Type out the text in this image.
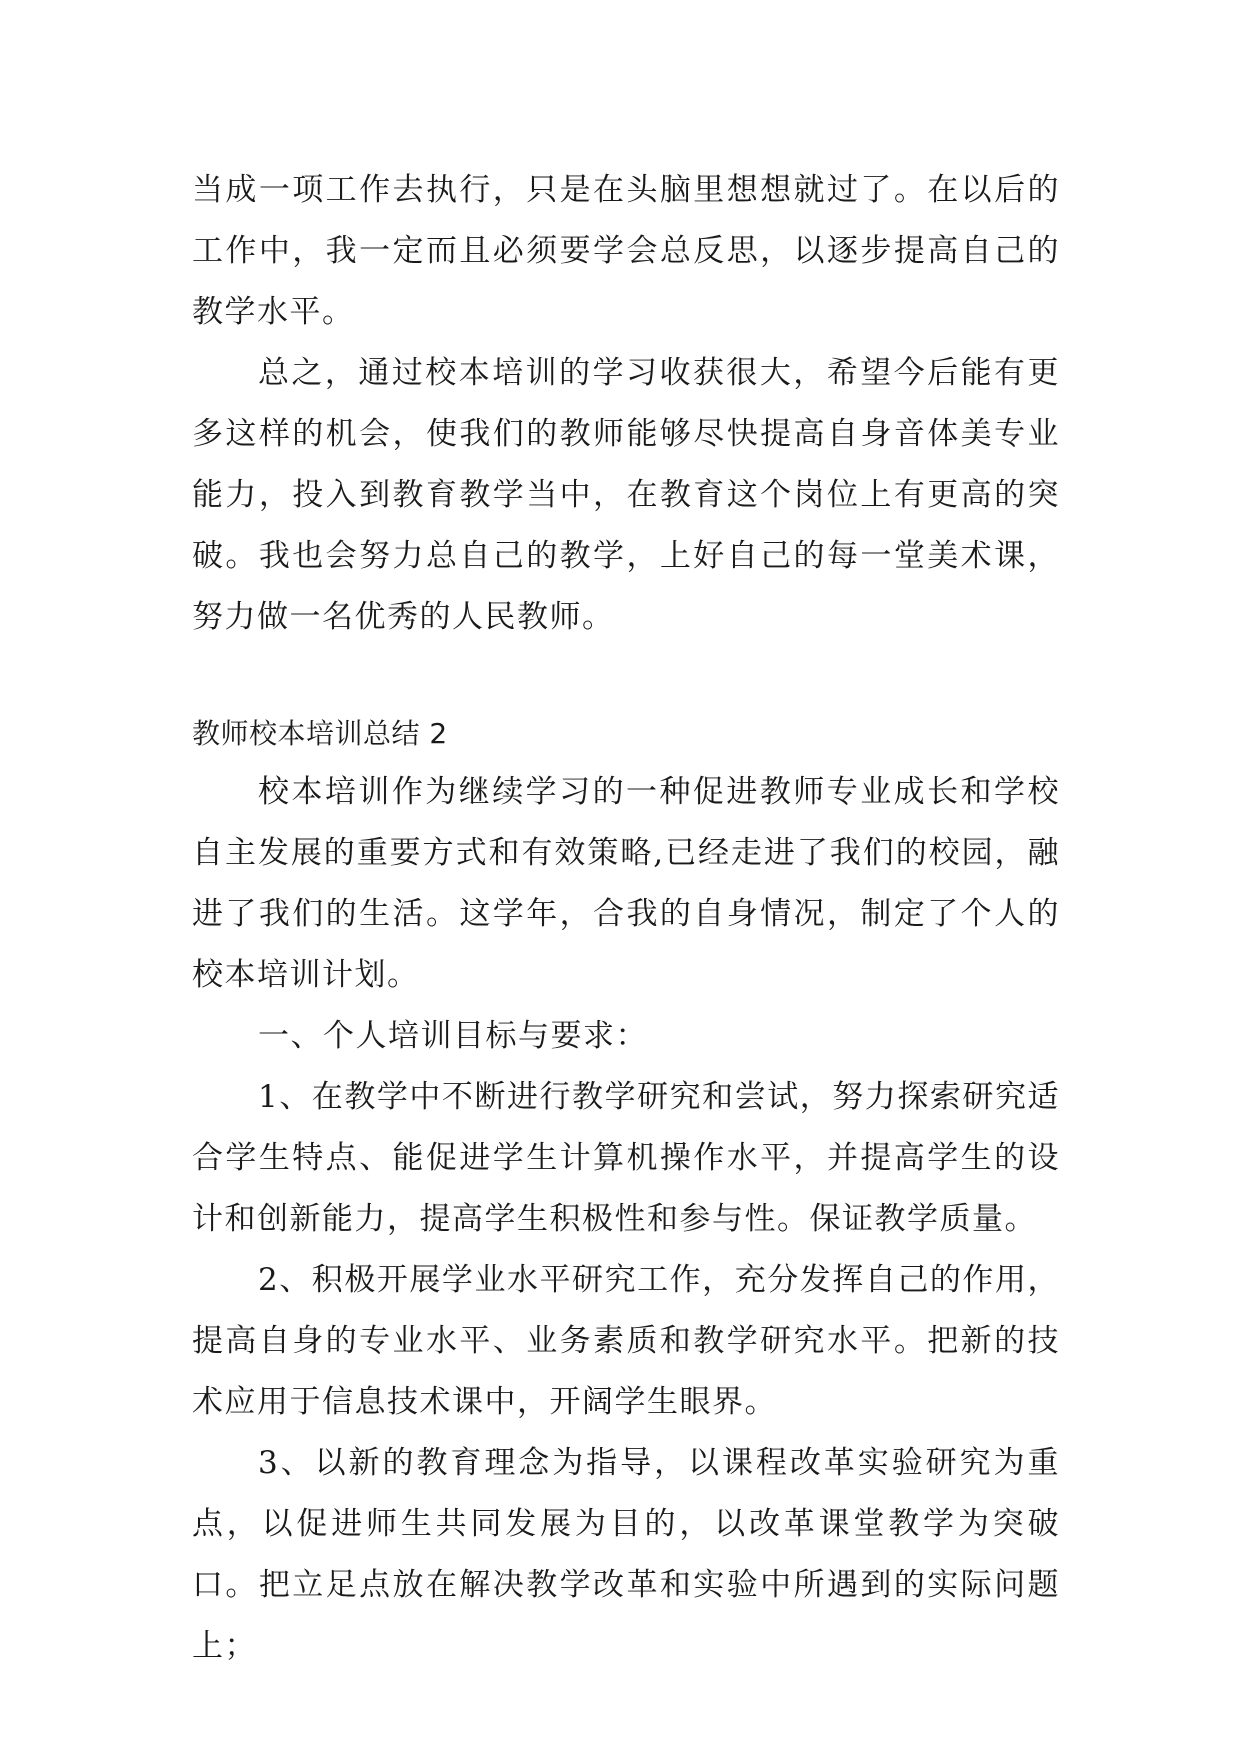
当成一项工作去执行，只是在头脑里想想就过了。在以后的工作中，我一定而且必须要学会总反思，以逐步提高自己的教学水平。

总之，通过校本培训的学习收获很大，希望今后能有更多这样的机会，使我们的教师能够尽快提高自身音体美专业能力，投入到教育教学当中，在教育这个岗位上有更高的突破。我也会努力总自己的教学，上好自己的每一堂美术课，努力做一名优秀的人民教师。

教师校本培训总结 2

校本培训作为继续学习的一种促进教师专业成长和学校自主发展的重要方式和有效策略,已经走进了我们的校园，融进了我们的生活。这学年，合我的自身情况，制定了个人的校本培训计划。

一、个人培训目标与要求：

1、在教学中不断进行教学研究和尝试，努力探索研究适合学生特点、能促进学生计算机操作水平，并提高学生的设计和创新能力，提高学生积极性和参与性。保证教学质量。

2、积极开展学业水平研究工作，充分发挥自己的作用，提高自身的专业水平、业务素质和教学研究水平。把新的技术应用于信息技术课中，开阔学生眼界。

3、以新的教育理念为指导，以课程改革实验研究为重点，以促进师生共同发展为目的，以改革课堂教学为突破口。把立足点放在解决教学改革和实验中所遇到的实际问题上；
